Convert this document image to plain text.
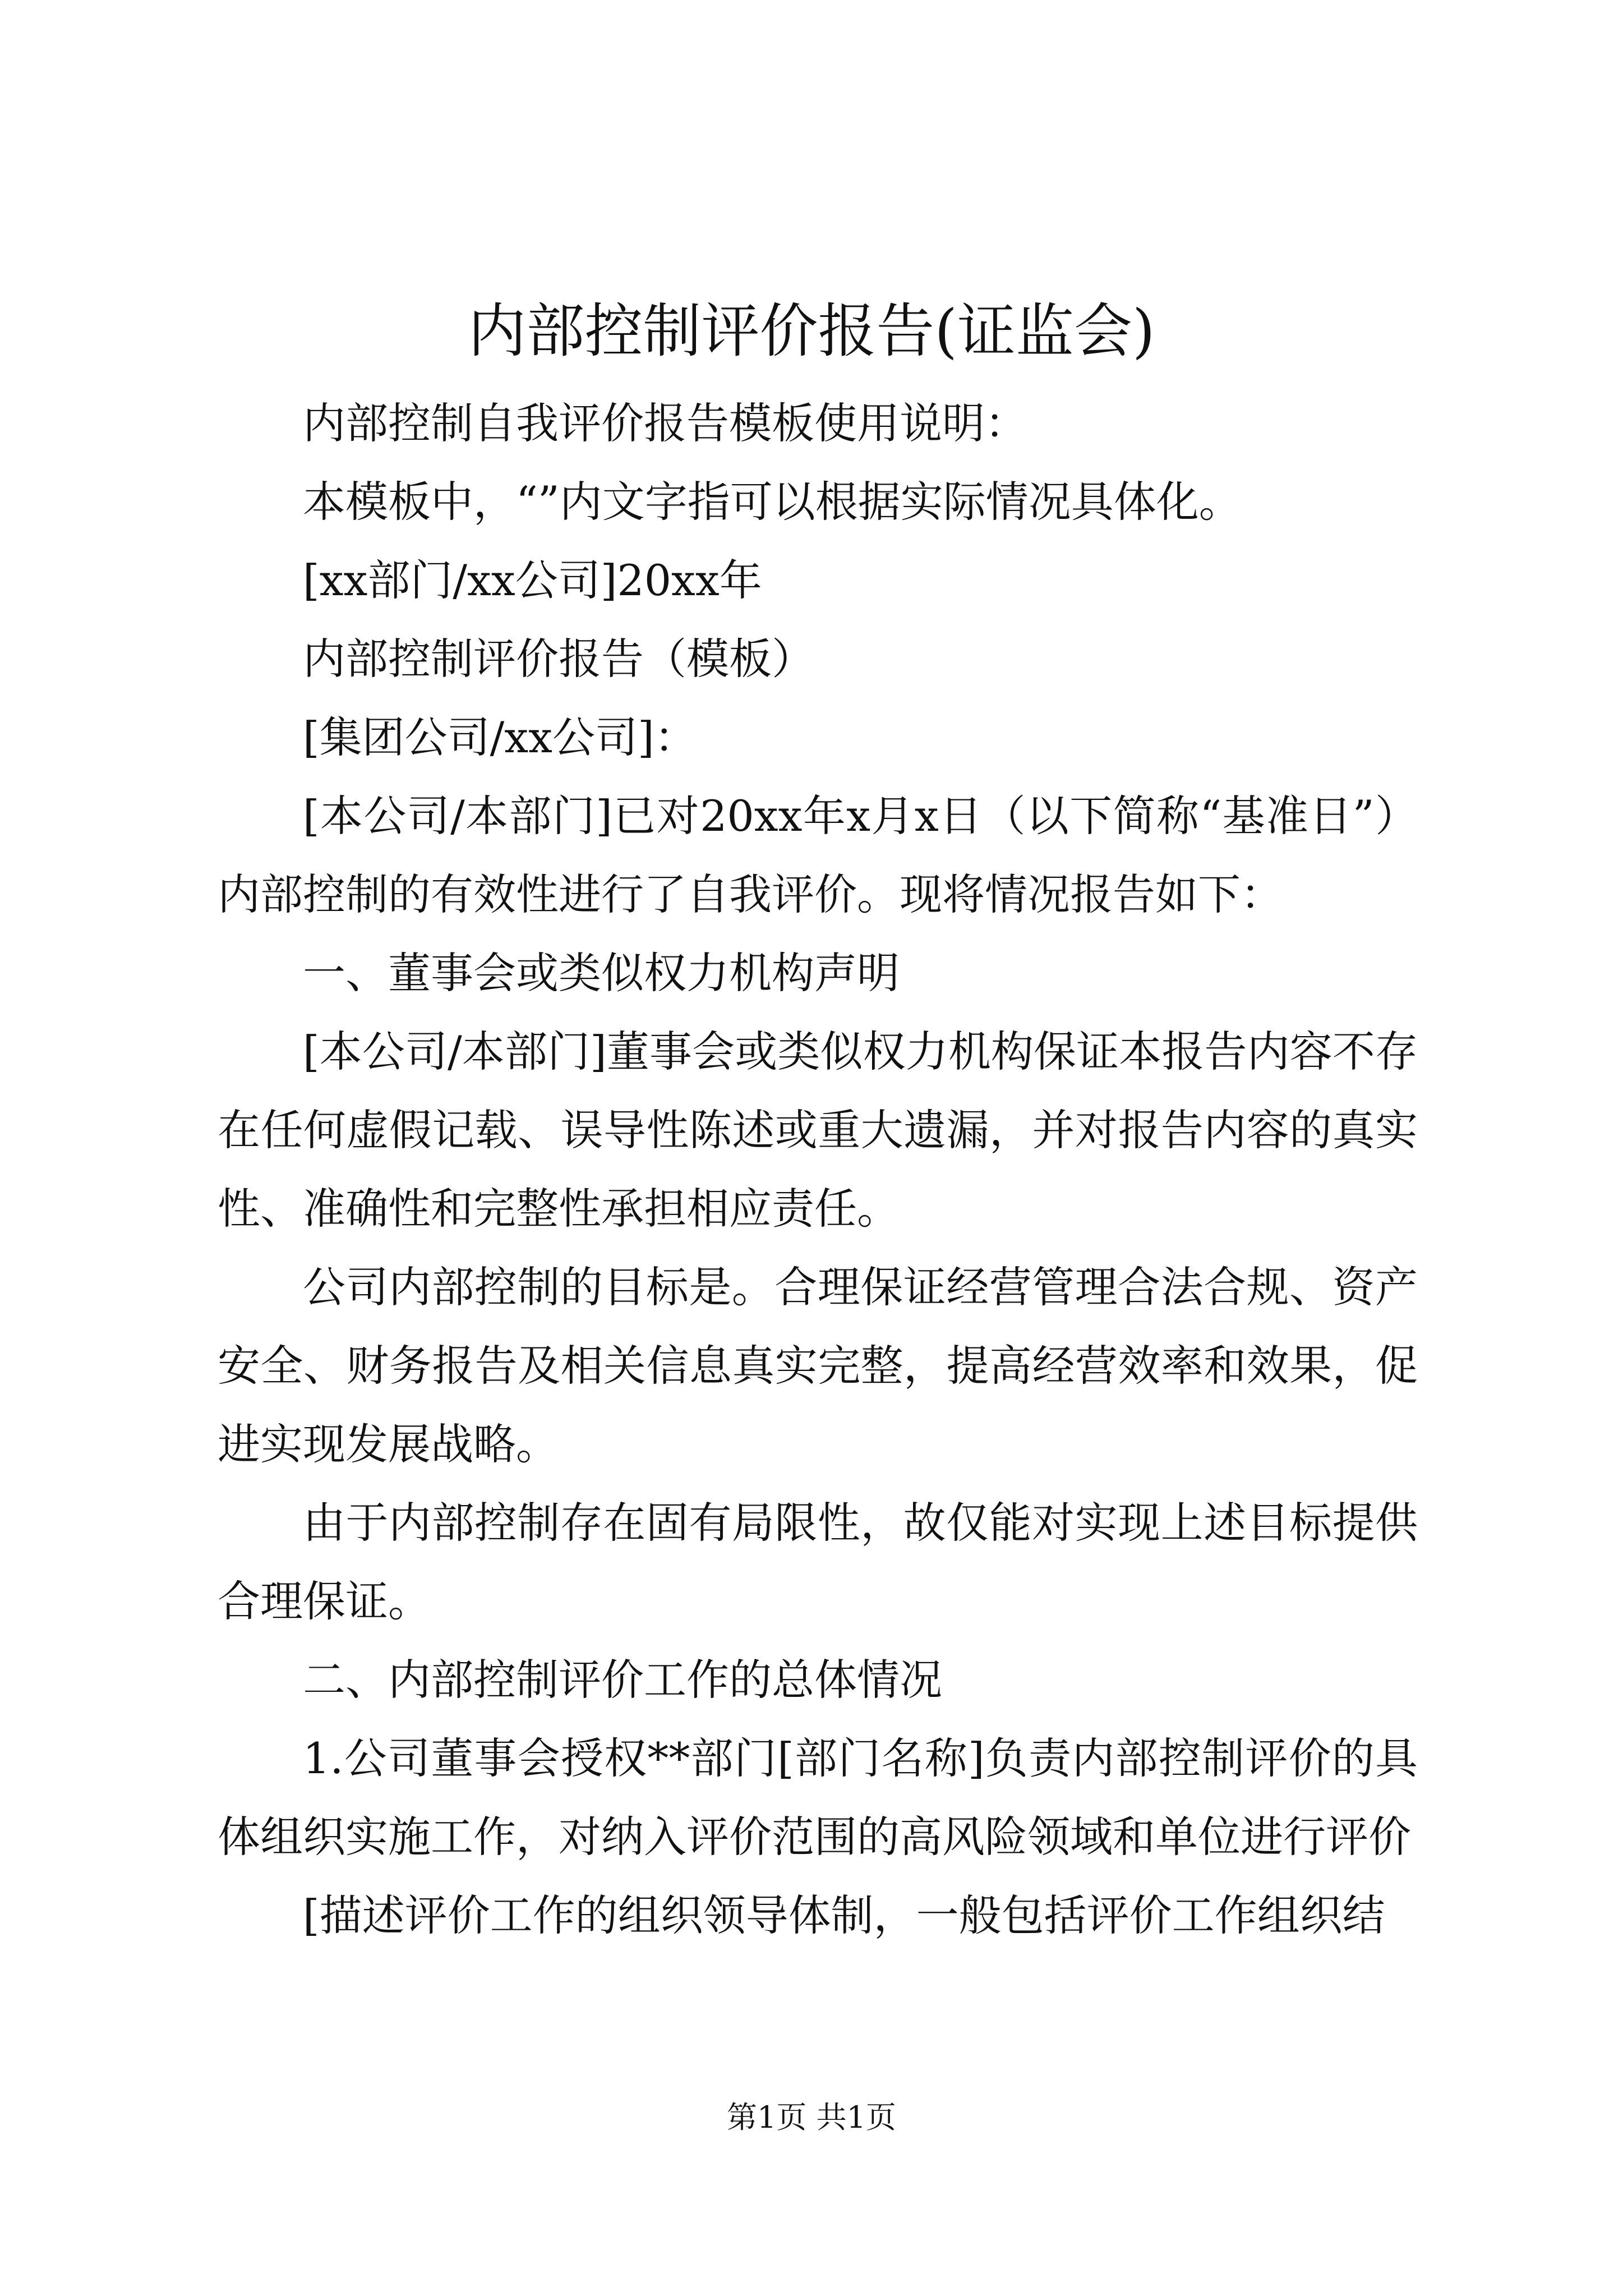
内部控制评价报告(证监会)

内部控制自我评价报告模板使用说明：

本模板中，“”内文字指可以根据实际情况具体化。

[xx部门/xx公司]20xx年

内部控制评价报告（模板）

[集团公司/xx公司]：

[本公司/本部门]已对20xx年x月x日（以下简称“基准日”）内部控制的有效性进行了自我评价。现将情况报告如下：

一、董事会或类似权力机构声明

[本公司/本部门]董事会或类似权力机构保证本报告内容不存在任何虚假记载、误导性陈述或重大遗漏，并对报告内容的真实性、准确性和完整性承担相应责任。

公司内部控制的目标是。合理保证经营管理合法合规、资产安全、财务报告及相关信息真实完整，提高经营效率和效果，促进实现发展战略。

由于内部控制存在固有局限性，故仅能对实现上述目标提供合理保证。

二、内部控制评价工作的总体情况

1.公司董事会授权**部门[部门名称]负责内部控制评价的具体组织实施工作，对纳入评价范围的高风险领域和单位进行评价

[描述评价工作的组织领导体制，一般包括评价工作组织结

第1页 共1页
